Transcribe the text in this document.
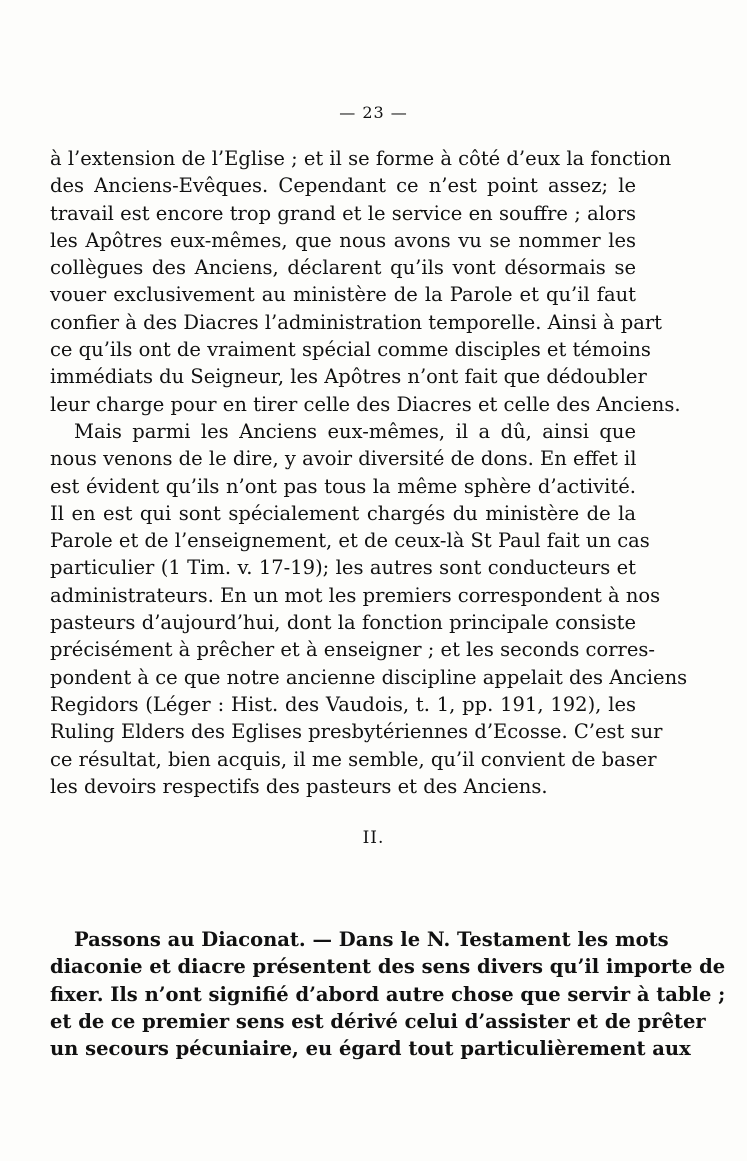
— 23 —
à l’extension de l’Eglise ; et il se forme à côté d’eux la fonction
des Anciens-Evêques. Cependant ce n’est point assez; le
travail est encore trop grand et le service en souffre ; alors
les Apôtres eux-mêmes, que nous avons vu se nommer les
collègues des Anciens, déclarent qu’ils vont désormais se
vouer exclusivement au ministère de la Parole et qu’il faut
confier à des Diacres l’administration temporelle. Ainsi à part
ce qu’ils ont de vraiment spécial comme disciples et témoins
immédiats du Seigneur, les Apôtres n’ont fait que dédoubler
leur charge pour en tirer celle des Diacres et celle des Anciens.
Mais parmi les Anciens eux-mêmes, il a dû, ainsi que
nous venons de le dire, y avoir diversité de dons. En effet il
est évident qu’ils n’ont pas tous la même sphère d’activité.
Il en est qui sont spécialement chargés du ministère de la
Parole et de l’enseignement, et de ceux-là St Paul fait un cas
particulier (1 Tim. v. 17-19); les autres sont conducteurs et
administrateurs. En un mot les premiers correspondent à nos
pasteurs d’aujourd’hui, dont la fonction principale consiste
précisément à prêcher et à enseigner ; et les seconds corres-
pondent à ce que notre ancienne discipline appelait des Anciens
Regidors (Léger : Hist. des Vaudois, t. 1, pp. 191, 192), les
Ruling Elders des Eglises presbytériennes d’Ecosse. C’est sur
ce résultat, bien acquis, il me semble, qu’il convient de baser
les devoirs respectifs des pasteurs et des Anciens.
II.
Passons au Diaconat. — Dans le N. Testament les mots
diaconie et diacre présentent des sens divers qu’il importe de
fixer. Ils n’ont signifié d’abord autre chose que servir à table ;
et de ce premier sens est dérivé celui d’assister et de prêter
un secours pécuniaire, eu égard tout particulièrement aux
